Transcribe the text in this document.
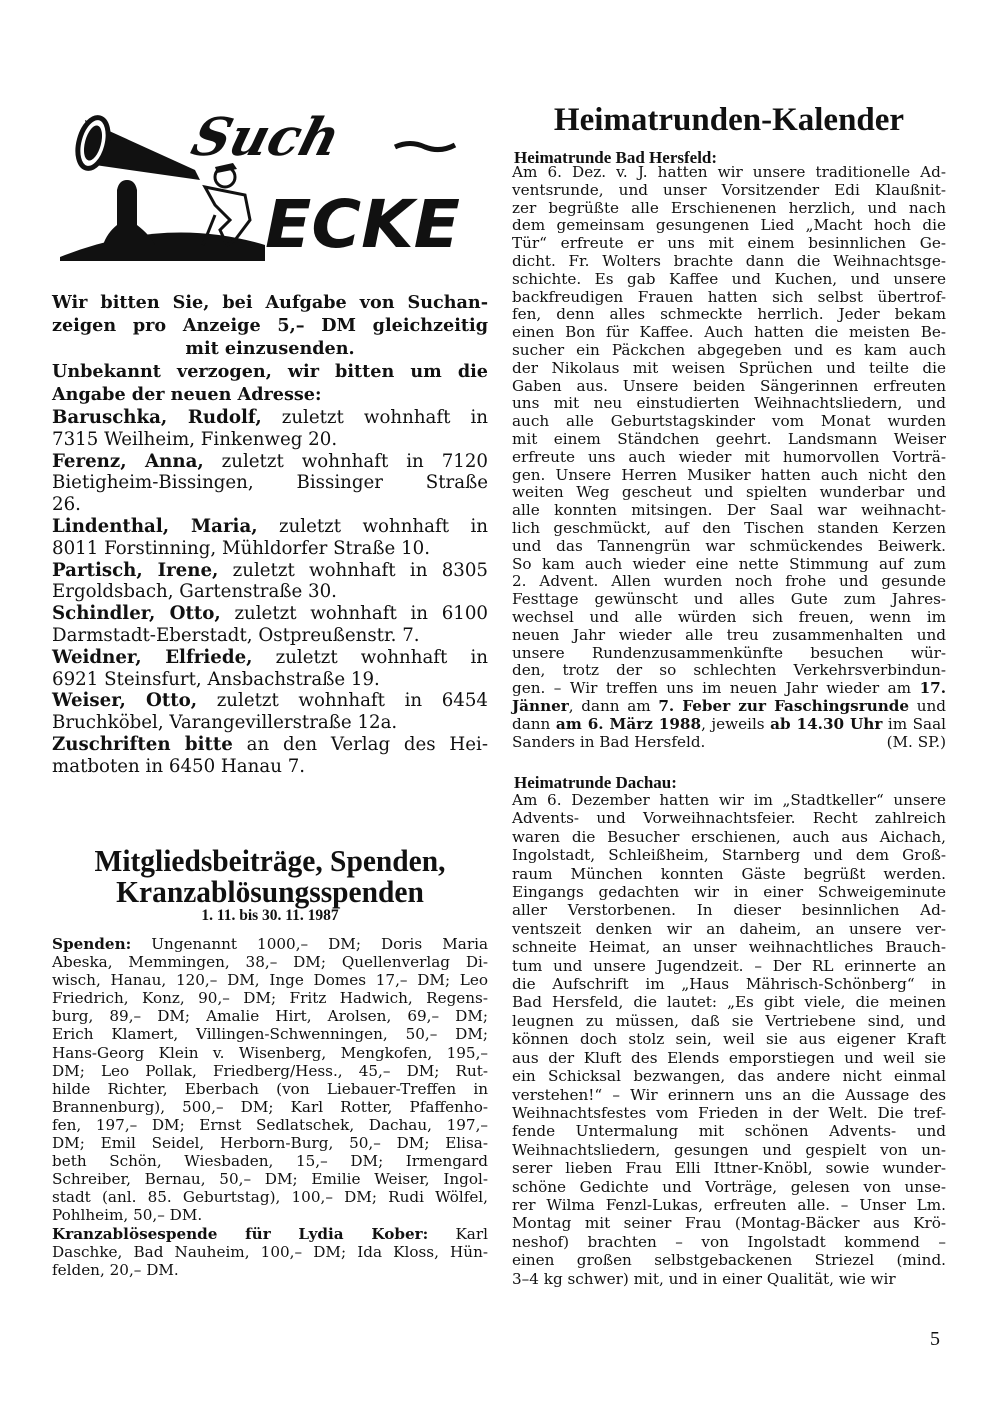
Such
ECKE
Wir bitten Sie, bei Aufgabe von Suchan-
zeigen pro Anzeige 5,– DM gleichzeitig
mit einzusenden.
Unbekannt verzogen, wir bitten um die
Angabe der neuen Adresse:
Baruschka, Rudolf, zuletzt wohnhaft in
7315 Weilheim, Finkenweg 20.
Ferenz, Anna, zuletzt wohnhaft in 7120
Bietigheim-Bissingen, Bissinger Straße
26.
Lindenthal, Maria, zuletzt wohnhaft in
8011 Forstinning, Mühldorfer Straße 10.
Partisch, Irene, zuletzt wohnhaft in 8305
Ergoldsbach, Gartenstraße 30.
Schindler, Otto, zuletzt wohnhaft in 6100
Darmstadt-Eberstadt, Ostpreußenstr. 7.
Weidner, Elfriede, zuletzt wohnhaft in
6921 Steinsfurt, Ansbachstraße 19.
Weiser, Otto, zuletzt wohnhaft in 6454
Bruchköbel, Varangevillerstraße 12a.
Zuschriften bitte an den Verlag des Hei-
matboten in 6450 Hanau 7.
Mitgliedsbeiträge, Spenden,
Kranzablösungsspenden
1. 11. bis 30. 11. 1987
Spenden: Ungenannt 1000,– DM; Doris Maria
Abeska, Memmingen, 38,– DM; Quellenverlag Di-
wisch, Hanau, 120,– DM, Inge Domes 17,– DM; Leo
Friedrich, Konz, 90,– DM; Fritz Hadwich, Regens-
burg, 89,– DM; Amalie Hirt, Arolsen, 69,– DM;
Erich Klamert, Villingen-Schwenningen, 50,– DM;
Hans-Georg Klein v. Wisenberg, Mengkofen, 195,–
DM; Leo Pollak, Friedberg/Hess., 45,– DM; Rut-
hilde Richter, Eberbach (von Liebauer-Treffen in
Brannenburg), 500,– DM; Karl Rotter, Pfaffenho-
fen, 197,– DM; Ernst Sedlatschek, Dachau, 197,–
DM; Emil Seidel, Herborn-Burg, 50,– DM; Elisa-
beth Schön, Wiesbaden, 15,– DM; Irmengard
Schreiber, Bernau, 50,– DM; Emilie Weiser, Ingol-
stadt (anl. 85. Geburtstag), 100,– DM; Rudi Wölfel,
Pohlheim, 50,– DM.
Kranzablösespende für Lydia Kober: Karl
Daschke, Bad Nauheim, 100,– DM; Ida Kloss, Hün-
felden, 20,– DM.
Heimatrunden-Kalender
Heimatrunde Bad Hersfeld:
Am 6. Dez. v. J. hatten wir unsere traditionelle Ad-
ventsrunde, und unser Vorsitzender Edi Klaußnit-
zer begrüßte alle Erschienenen herzlich, und nach
dem gemeinsam gesungenen Lied „Macht hoch die
Tür“ erfreute er uns mit einem besinnlichen Ge-
dicht. Fr. Wolters brachte dann die Weihnachtsge-
schichte. Es gab Kaffee und Kuchen, und unsere
backfreudigen Frauen hatten sich selbst übertrof-
fen, denn alles schmeckte herrlich. Jeder bekam
einen Bon für Kaffee. Auch hatten die meisten Be-
sucher ein Päckchen abgegeben und es kam auch
der Nikolaus mit weisen Sprüchen und teilte die
Gaben aus. Unsere beiden Sängerinnen erfreuten
uns mit neu einstudierten Weihnachtsliedern, und
auch alle Geburtstagskinder vom Monat wurden
mit einem Ständchen geehrt. Landsmann Weiser
erfreute uns auch wieder mit humorvollen Vorträ-
gen. Unsere Herren Musiker hatten auch nicht den
weiten Weg gescheut und spielten wunderbar und
alle konnten mitsingen. Der Saal war weihnacht-
lich geschmückt, auf den Tischen standen Kerzen
und das Tannengrün war schmückendes Beiwerk.
So kam auch wieder eine nette Stimmung auf zum
2. Advent. Allen wurden noch frohe und gesunde
Festtage gewünscht und alles Gute zum Jahres-
wechsel und alle würden sich freuen, wenn im
neuen Jahr wieder alle treu zusammenhalten und
unsere Rundenzusammenkünfte besuchen wür-
den, trotz der so schlechten Verkehrsverbindun-
gen. – Wir treffen uns im neuen Jahr wieder am 17.
Jänner, dann am 7. Feber zur Faschingsrunde und
dann am 6. März 1988, jeweils ab 14.30 Uhr im Saal
Sanders in Bad Hersfeld.	(M. SP.)
Heimatrunde Dachau:
Am 6. Dezember hatten wir im „Stadtkeller“ unsere
Advents- und Vorweihnachtsfeier. Recht zahlreich
waren die Besucher erschienen, auch aus Aichach,
Ingolstadt, Schleißheim, Starnberg und dem Groß-
raum München konnten Gäste begrüßt werden.
Eingangs gedachten wir in einer Schweigeminute
aller Verstorbenen. In dieser besinnlichen Ad-
ventszeit denken wir an daheim, an unsere ver-
schneite Heimat, an unser weihnachtliches Brauch-
tum und unsere Jugendzeit. – Der RL erinnerte an
die Aufschrift im „Haus Mährisch-Schönberg“ in
Bad Hersfeld, die lautet: „Es gibt viele, die meinen
leugnen zu müssen, daß sie Vertriebene sind, und
können doch stolz sein, weil sie aus eigener Kraft
aus der Kluft des Elends emporstiegen und weil sie
ein Schicksal bezwangen, das andere nicht einmal
verstehen!“ – Wir erinnern uns an die Aussage des
Weihnachtsfestes vom Frieden in der Welt. Die tref-
fende Untermalung mit schönen Advents- und
Weihnachtsliedern, gesungen und gespielt von un-
serer lieben Frau Elli Ittner-Knöbl, sowie wunder-
schöne Gedichte und Vorträge, gelesen von unse-
rer Wilma Fenzl-Lukas, erfreuten alle. – Unser Lm.
Montag mit seiner Frau (Montag-Bäcker aus Krö-
neshof) brachten – von Ingolstadt kommend –
einen großen selbstgebackenen Striezel (mind.
3–4 kg schwer) mit, und in einer Qualität, wie wir
5
